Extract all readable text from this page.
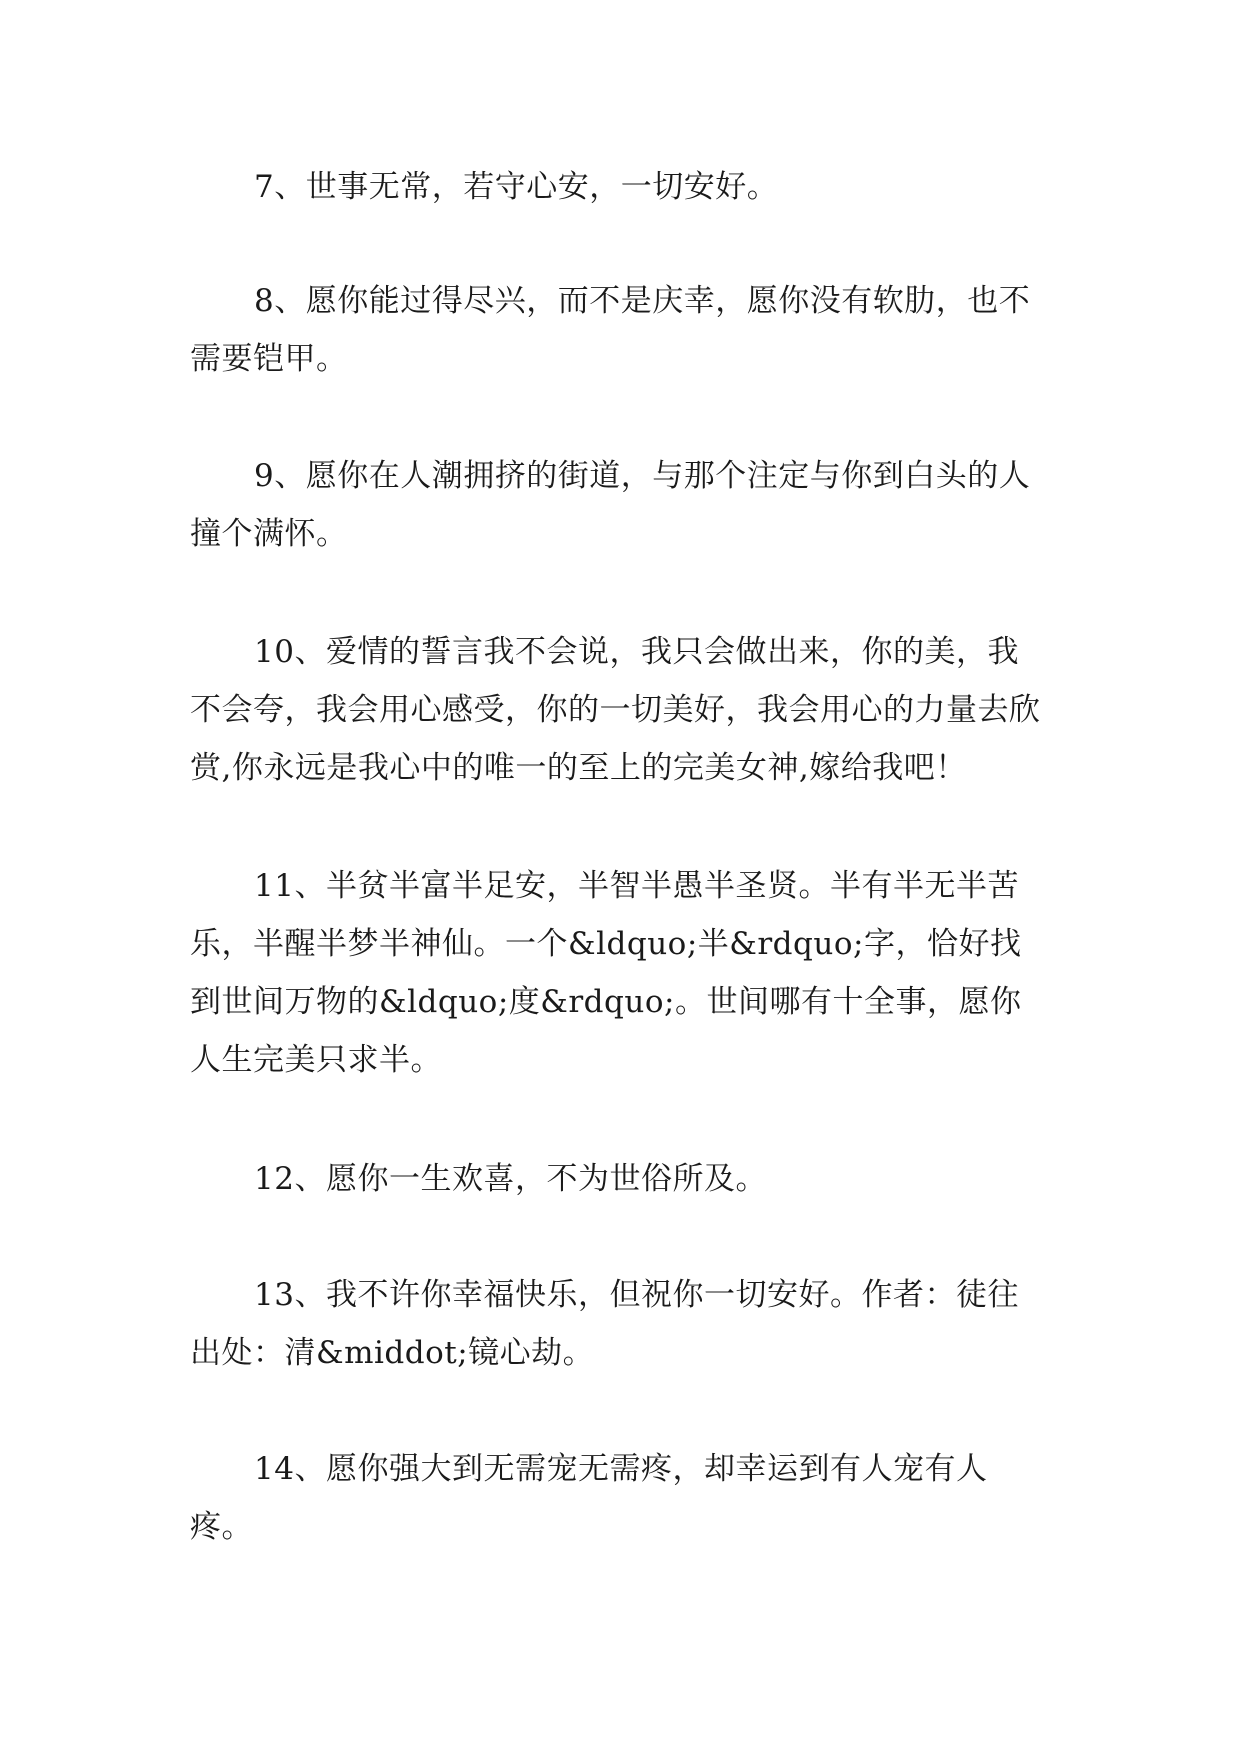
7、世事无常，若守心安，一切安好。

8、愿你能过得尽兴，而不是庆幸，愿你没有软肋，也不需要铠甲。

9、愿你在人潮拥挤的街道，与那个注定与你到白头的人撞个满怀。

10、爱情的誓言我不会说，我只会做出来，你的美，我不会夸，我会用心感受，你的一切美好，我会用心的力量去欣赏,你永远是我心中的唯一的至上的完美女神,嫁给我吧！

11、半贫半富半足安，半智半愚半圣贤。半有半无半苦乐，半醒半梦半神仙。一个&ldquo;半&rdquo;字，恰好找到世间万物的&ldquo;度&rdquo;。世间哪有十全事，愿你人生完美只求半。

12、愿你一生欢喜，不为世俗所及。

13、我不许你幸福快乐，但祝你一切安好。作者：徒往出处：清&middot;镜心劫。

14、愿你强大到无需宠无需疼，却幸运到有人宠有人疼。
